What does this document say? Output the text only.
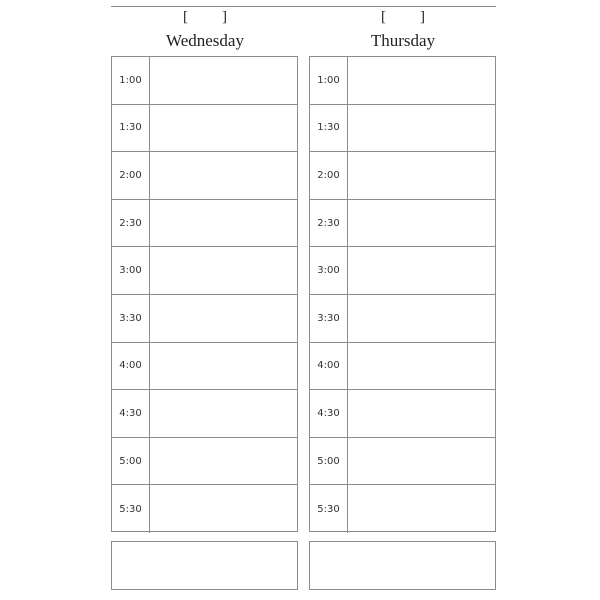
[ ]
Wednesday
1:00
1:30
2:00
2:30
3:00
3:30
4:00
4:30
5:00
5:30
[ ]
Thursday
1:00
1:30
2:00
2:30
3:00
3:30
4:00
4:30
5:00
5:30
